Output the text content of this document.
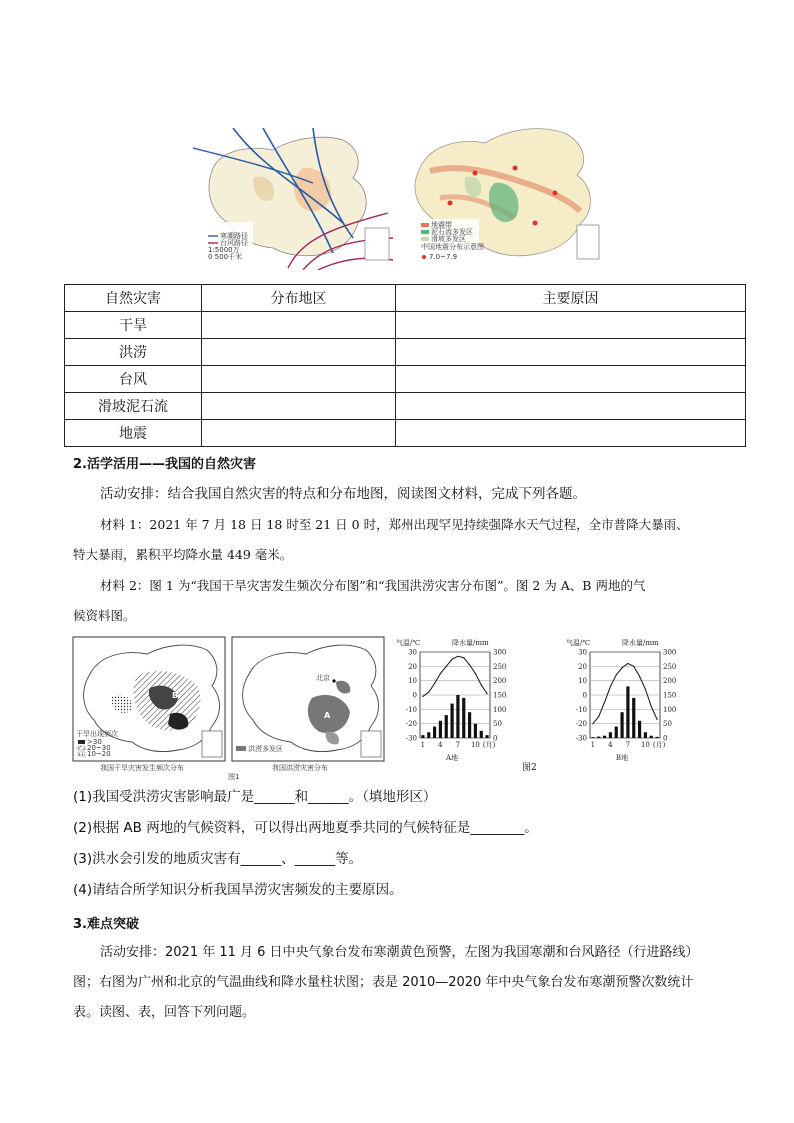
寒潮路径
台风路径
1:5000万
0 500千米
地震带
泥石流多发区
滑坡多发区
中国地震分布示意图
7.0~7.9
自然灾害	分布地区	主要原因
干旱		
洪涝		
台风		
滑坡泥石流		
地震		
2.活学活用——我国的自然灾害
活动安排：结合我国自然灾害的特点和分布地图，阅读图文材料，完成下列各题。
材料 1：2021 年 7 月 18 日 18 时至 21 日 0 时，郑州出现罕见持续强降水天气过程，全市普降大暴雨、
特大暴雨，累积平均降水量 449 毫米。
材料 2：图 1 为“我国干旱灾害发生频次分布图”和“我国洪涝灾害分布图”。图 2 为 A、B 两地的气
候资料图。
B
干旱出现频次
>30
20~30
10~20
北京
A
洪涝多发区
我国干旱灾害发生频次分布	我国洪涝灾害分布
图1
气温/℃	降水量/mm
30	300
20	250
10	200
0	150
-10	100
-20	50
-30	0
1 4 7 10 (月)
A地
气温/℃	降水量/mm
30	300
20	250
10	200
0	150
-10	100
-20	50
-30	0
1 4 7 10 (月)
B地
图2
(1)我国受洪涝灾害影响最广是______和______。（填地形区）
(2)根据 AB 两地的气候资料，可以得出两地夏季共同的气候特征是________。
(3)洪水会引发的地质灾害有______、______等。
(4)请结合所学知识分析我国旱涝灾害频发的主要原因。
3.难点突破
活动安排：2021 年 11 月 6 日中央气象台发布寒潮黄色预警，左图为我国寒潮和台风路径（行进路线）
图；右图为广州和北京的气温曲线和降水量柱状图；表是 2010—2020 年中央气象台发布寒潮预警次数统计
表。读图、表，回答下列问题。
